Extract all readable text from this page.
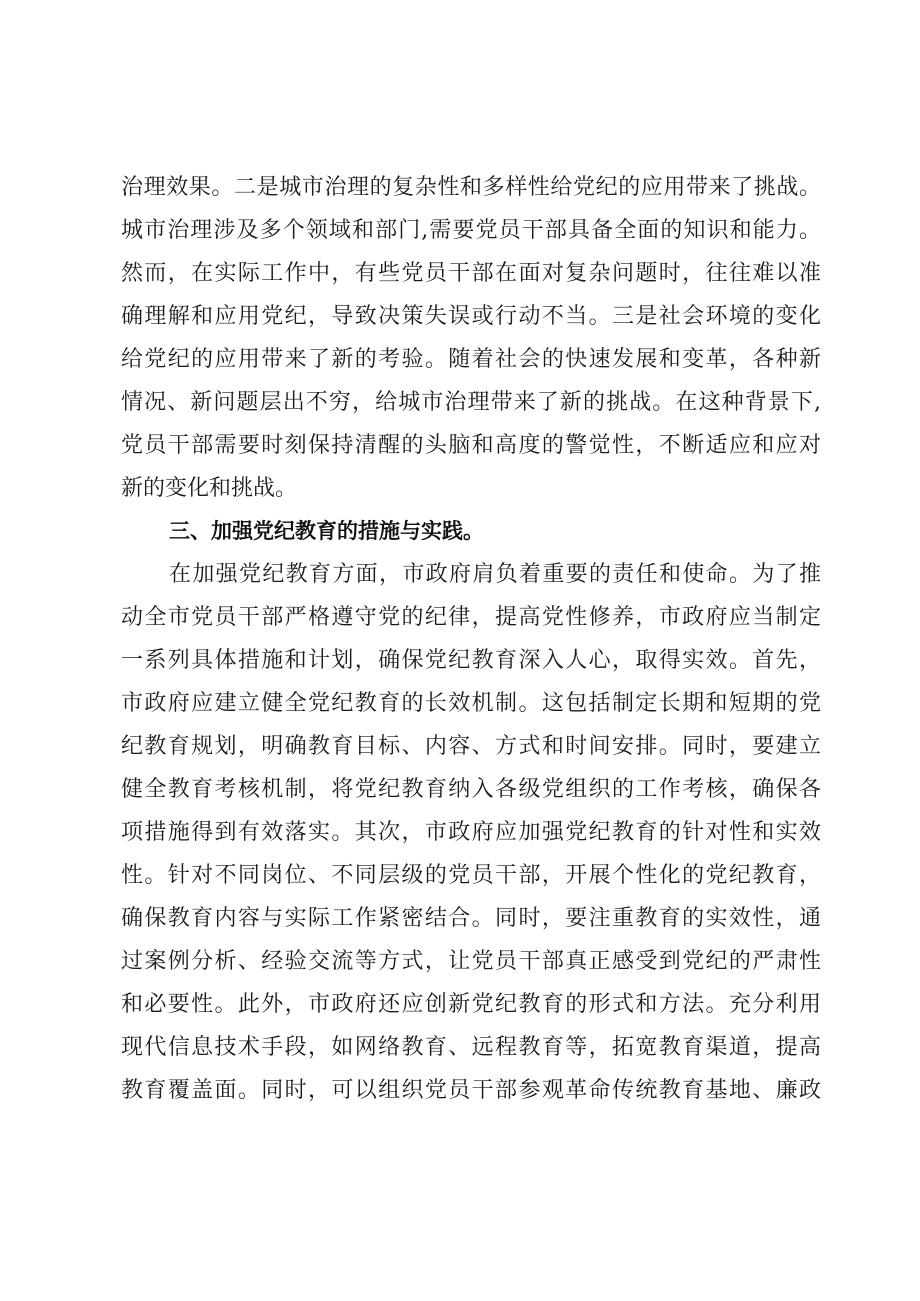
治理效果。二是城市治理的复杂性和多样性给党纪的应用带来了挑战。
城市治理涉及多个领域和部门,需要党员干部具备全面的知识和能力。
然而，在实际工作中，有些党员干部在面对复杂问题时，往往难以准
确理解和应用党纪，导致决策失误或行动不当。三是社会环境的变化
给党纪的应用带来了新的考验。随着社会的快速发展和变革，各种新
情况、新问题层出不穷，给城市治理带来了新的挑战。在这种背景下,
党员干部需要时刻保持清醒的头脑和高度的警觉性，不断适应和应对
新的变化和挑战。
三、加强党纪教育的措施与实践。
在加强党纪教育方面，市政府肩负着重要的责任和使命。为了推
动全市党员干部严格遵守党的纪律，提高党性修养，市政府应当制定
一系列具体措施和计划，确保党纪教育深入人心，取得实效。首先，
市政府应建立健全党纪教育的长效机制。这包括制定长期和短期的党
纪教育规划，明确教育目标、内容、方式和时间安排。同时，要建立
健全教育考核机制，将党纪教育纳入各级党组织的工作考核，确保各
项措施得到有效落实。其次，市政府应加强党纪教育的针对性和实效
性。针对不同岗位、不同层级的党员干部，开展个性化的党纪教育，
确保教育内容与实际工作紧密结合。同时，要注重教育的实效性，通
过案例分析、经验交流等方式，让党员干部真正感受到党纪的严肃性
和必要性。此外，市政府还应创新党纪教育的形式和方法。充分利用
现代信息技术手段，如网络教育、远程教育等，拓宽教育渠道，提高
教育覆盖面。同时，可以组织党员干部参观革命传统教育基地、廉政
